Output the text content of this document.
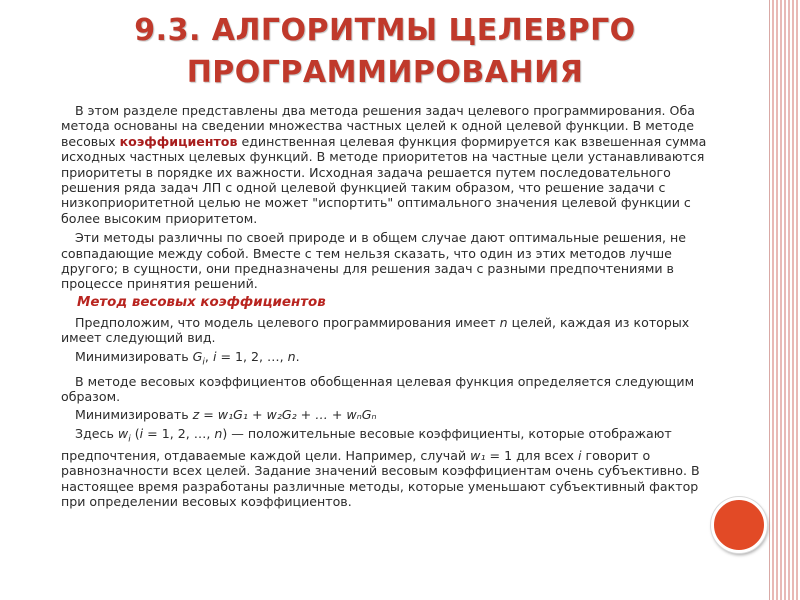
9.3. АЛГОРИТМЫ ЦЕЛЕВРГО
ПРОГРАММИРОВАНИЯ

В этом разделе представлены два метода решения задач целевого программирования. Оба метода основаны на сведении множества частных целей к одной целевой функции. В методе весовых коэффициентов единственная целевая функция формируется как взвешенная сумма исходных частных целевых функций. В методе приоритетов на частные цели устанавливаются приоритеты в порядке их важности. Исходная задача решается путем последовательного решения ряда задач ЛП с одной целевой функцией таким образом, что решение задачи с низкоприоритетной целью не может "испортить" оптимального значения целевой функции с более высоким приоритетом.

Эти методы различны по своей природе и в общем случае дают оптимальные решения, не совпадающие между собой. Вместе с тем нельзя сказать, что один из этих методов лучше другого; в сущности, они предназначены для решения задач с разными предпочтениями в процессе принятия решений.

Метод весовых коэффициентов

Предположим, что модель целевого программирования имеет n целей, каждая из которых имеет следующий вид.

Минимизировать $G_i$, i = 1, 2, …, n.

В методе весовых коэффициентов обобщенная целевая функция определяется следующим образом.

Минимизировать z = w₁G₁ + w₂G₂ + … + wₙGₙ

Здесь $w_i$ (i = 1, 2, …, n) — положительные весовые коэффициенты, которые отображают предпочтения, отдаваемые каждой цели. Например, случай w₁ = 1 для всех i говорит о равнозначности всех целей. Задание значений весовым коэффициентам очень субъективно. В настоящее время разработаны различные методы, которые уменьшают субъективный фактор при определении весовых коэффициентов.
